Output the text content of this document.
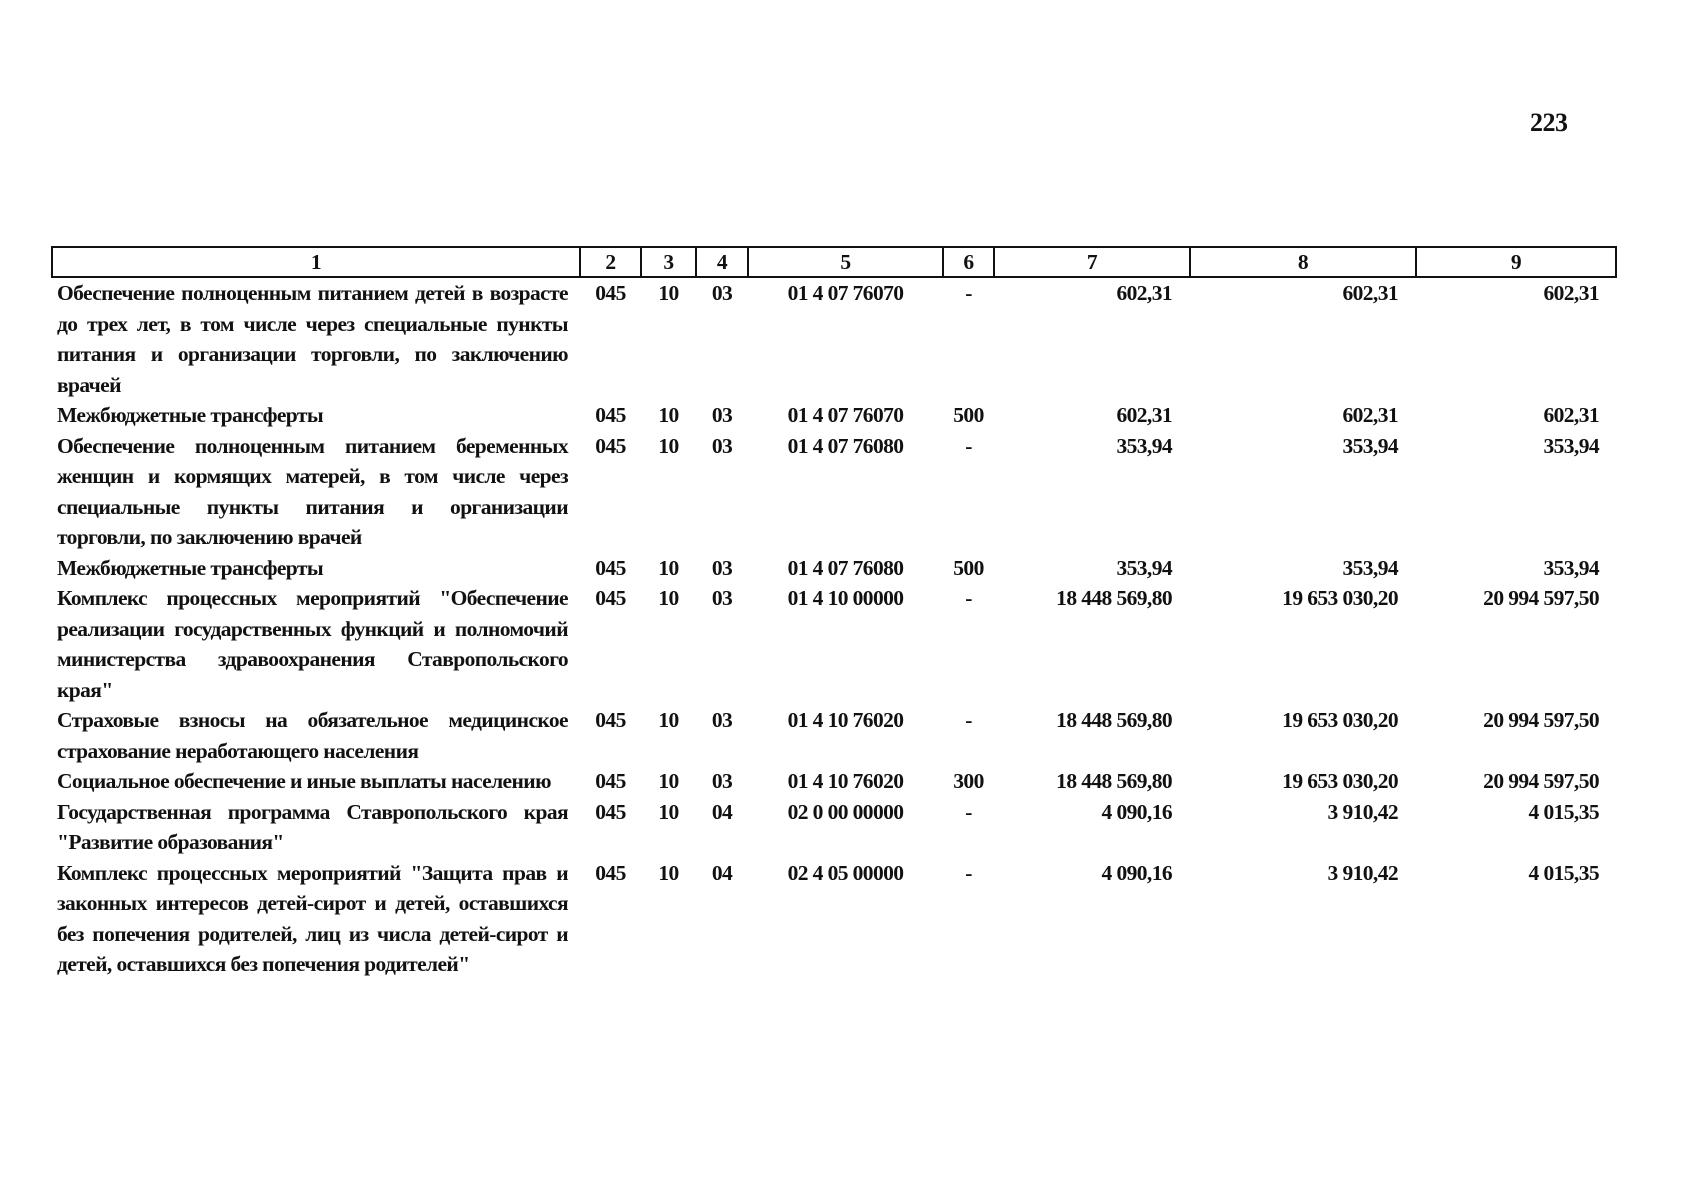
223
1	2	3	4	5	6	7	8	9
Обеспечение полноценным питанием детей в возрасте до трех лет, в том числе через специальные пункты питания и организации торговли, по заключению врачей	045	10	03	01 4 07 76070	-	602,31	602,31	602,31
Межбюджетные трансферты	045	10	03	01 4 07 76070	500	602,31	602,31	602,31
Обеспечение полноценным питанием беременных женщин и кормящих матерей, в том числе через специальные пункты питания и организации торговли, по заключению врачей	045	10	03	01 4 07 76080	-	353,94	353,94	353,94
Межбюджетные трансферты	045	10	03	01 4 07 76080	500	353,94	353,94	353,94
Комплекс процессных мероприятий "Обеспечение реализации государственных функций и полномочий министерства здравоохранения Ставропольского края"	045	10	03	01 4 10 00000	-	18 448 569,80	19 653 030,20	20 994 597,50
Страховые взносы на обязательное медицинское страхование неработающего населения	045	10	03	01 4 10 76020	-	18 448 569,80	19 653 030,20	20 994 597,50
Социальное обеспечение и иные выплаты населению	045	10	03	01 4 10 76020	300	18 448 569,80	19 653 030,20	20 994 597,50
Государственная программа Ставропольского края "Развитие образования"	045	10	04	02 0 00 00000	-	4 090,16	3 910,42	4 015,35
Комплекс процессных мероприятий "Защита прав и законных интересов детей-сирот и детей, оставшихся без попечения родителей, лиц из числа детей-сирот и детей, оставшихся без попечения родителей"	045	10	04	02 4 05 00000	-	4 090,16	3 910,42	4 015,35
